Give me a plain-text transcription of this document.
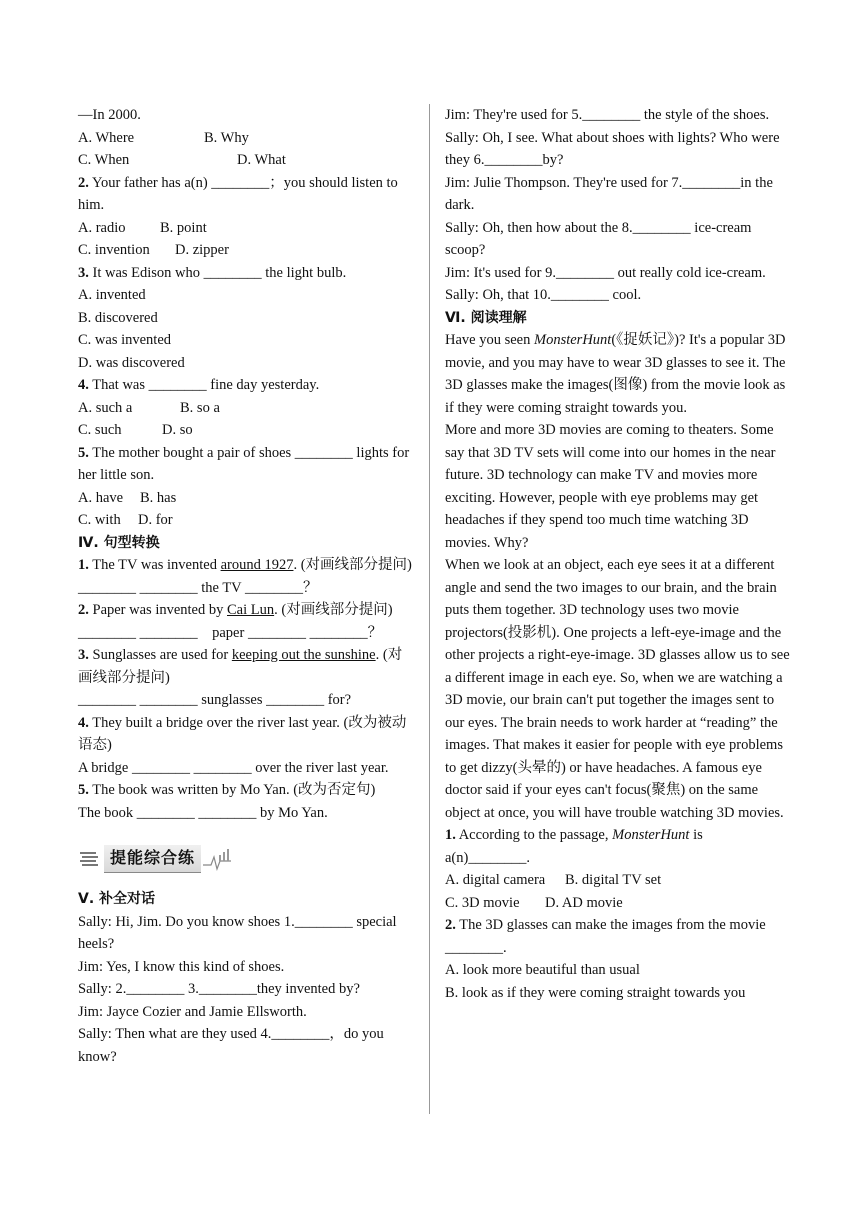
—In 2000.
A. Where	B. Why
C. When	D. What
2. Your father has a(n) ________；you should listen to him.
A. radio B. point
C. invention D. zipper
3. It was Edison who ________ the light bulb.
A. invented
B. discovered
C. was invented
D. was discovered
4. That was ________ fine day yesterday.
A. such a	B. so a
C. such	D. so
5. The mother bought a pair of shoes ________ lights for her little son.
A. have B. has
C. with D. for
Ⅳ. 句型转换
1. The TV was invented around 1927. (对画线部分提问)
________ ________ the TV ________？
2. Paper was invented by Cai Lun. (对画线部分提问)
________ ________    paper ________ ________？
3. Sunglasses are used for keeping out the sunshine. (对画线部分提问)
________ ________ sunglasses ________ for?
4. They built a bridge over the river last year. (改为被动语态)
A bridge ________ ________ over the river last year.
5. The book was written by Mo Yan. (改为否定句)
The book ________ ________ by Mo Yan.
提能综合练
Ⅴ. 补全对话
Sally: Hi, Jim. Do you know shoes 1.________ special heels?
Jim: Yes, I know this kind of shoes.
Sally: 2.________ 3.________they invented by?
Jim: Jayce Cozier and Jamie Ellsworth.
Sally: Then what are they used 4.________，do you know?
Jim: They're used for 5.________ the style of the shoes.
Sally: Oh, I see. What about shoes with lights? Who were they 6.________by?
Jim: Julie Thompson. They're used for 7.________in the dark.
Sally: Oh, then how about the 8.________ ice-cream scoop?
Jim: It's used for 9.________ out really cold ice-cream.
Sally: Oh, that 10.________ cool.
Ⅵ. 阅读理解
Have you seen MonsterHunt(《捉妖记》)? It's a popular 3D movie, and you may have to wear 3D glasses to see it. The 3D glasses make the images(图像) from the movie look as if they were coming straight towards you.
More and more 3D movies are coming to theaters. Some say that 3D TV sets will come into our homes in the near future. 3D technology can make TV and movies more exciting. However, people with eye problems may get headaches if they spend too much time watching 3D movies. Why?
When we look at an object, each eye sees it at a different angle and send the two images to our brain, and the brain puts them together. 3D technology uses two movie projectors(投影机). One projects a left-eye-image and the other projects a right-eye-image. 3D glasses allow us to see a different image in each eye. So, when we are watching a 3D movie, our brain can't put together the images sent to our eyes. The brain needs to work harder at “reading” the images. That makes it easier for people with eye problems to get dizzy(头晕的) or have headaches. A famous eye doctor said if your eyes can't focus(聚焦) on the same object at once, you will have trouble watching 3D movies.
1. According to the passage, MonsterHunt is a(n)________.
A. digital camera B. digital TV set
C. 3D movie D. AD movie
2. The 3D glasses can make the images from the movie ________.
A. look more beautiful than usual
B. look as if they were coming straight towards you
